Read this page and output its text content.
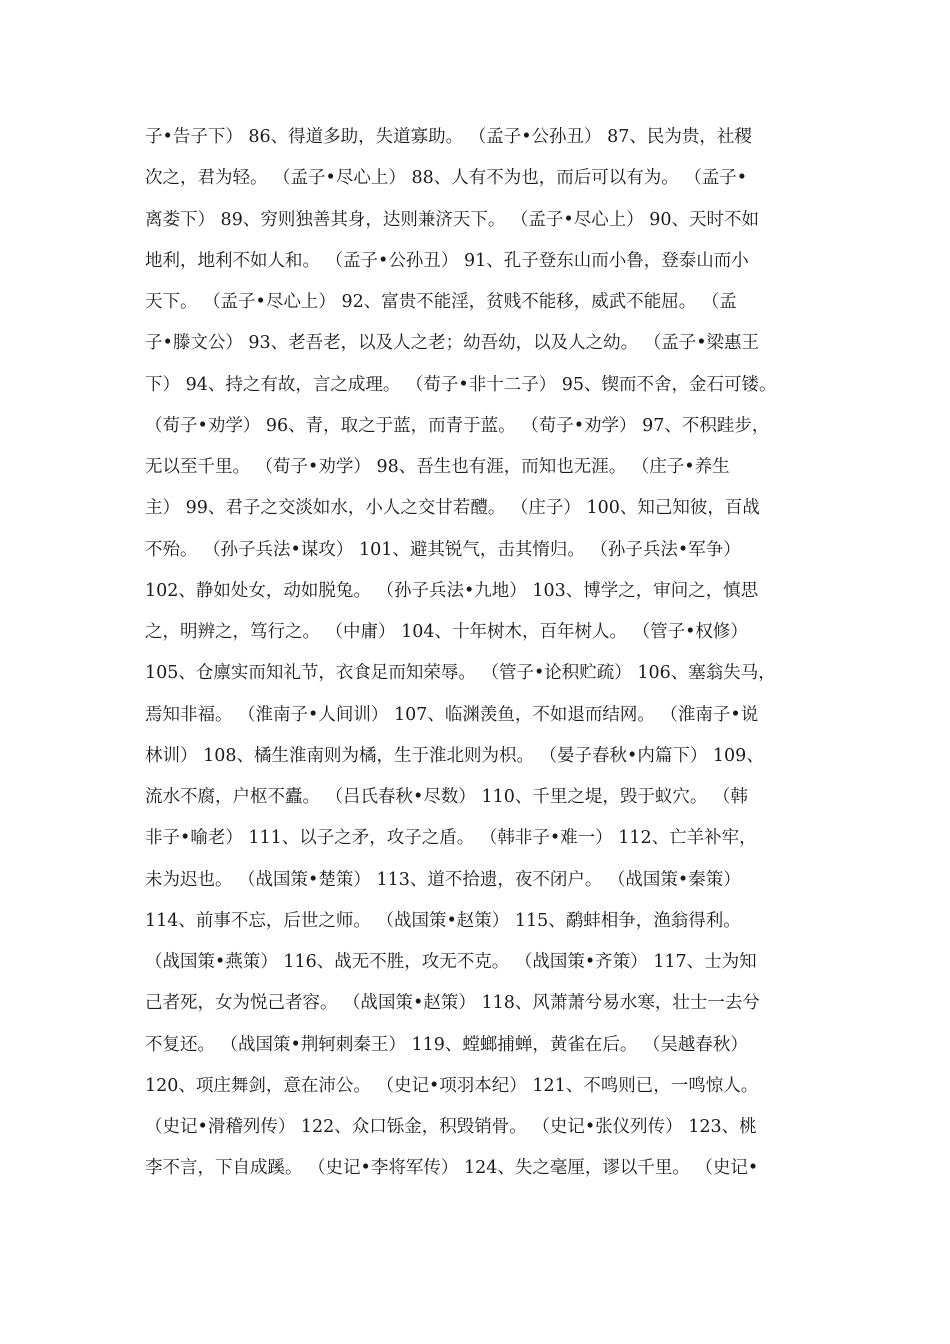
子•告子下） 86、得道多助，失道寡助。 （孟子•公孙丑） 87、民为贵，社稷
次之，君为轻。 （孟子•尽心上） 88、人有不为也，而后可以有为。 （孟子•
离娄下） 89、穷则独善其身，达则兼济天下。 （孟子•尽心上） 90、天时不如
地利，地利不如人和。 （孟子•公孙丑） 91、孔子登东山而小鲁，登泰山而小
天下。 （孟子•尽心上） 92、富贵不能淫，贫贱不能移，威武不能屈。 （孟
子•滕文公） 93、老吾老，以及人之老；幼吾幼，以及人之幼。 （孟子•梁惠王
下） 94、持之有故，言之成理。 （荀子•非十二子） 95、锲而不舍，金石可镂。
（荀子•劝学） 96、青，取之于蓝，而青于蓝。 （荀子•劝学） 97、不积跬步，
无以至千里。 （荀子•劝学） 98、吾生也有涯，而知也无涯。 （庄子•养生
主） 99、君子之交淡如水，小人之交甘若醴。 （庄子） 100、知己知彼，百战
不殆。 （孙子兵法•谋攻） 101、避其锐气，击其惰归。 （孙子兵法•军争）
102、静如处女，动如脱兔。 （孙子兵法•九地） 103、博学之，审问之，慎思
之，明辨之，笃行之。 （中庸） 104、十年树木，百年树人。 （管子•权修）
105、仓廪实而知礼节，衣食足而知荣辱。 （管子•论积贮疏） 106、塞翁失马，
焉知非福。 （淮南子•人间训） 107、临渊羡鱼，不如退而结网。 （淮南子•说
林训） 108、橘生淮南则为橘，生于淮北则为枳。 （晏子春秋•内篇下） 109、
流水不腐，户枢不蠹。 （吕氏春秋•尽数） 110、千里之堤，毁于蚁穴。 （韩
非子•喻老） 111、以子之矛，攻子之盾。 （韩非子•难一） 112、亡羊补牢，
未为迟也。 （战国策•楚策） 113、道不拾遗，夜不闭户。 （战国策•秦策）
114、前事不忘，后世之师。 （战国策•赵策） 115、鹬蚌相争，渔翁得利。
（战国策•燕策） 116、战无不胜，攻无不克。 （战国策•齐策） 117、士为知
己者死，女为悦己者容。 （战国策•赵策） 118、风萧萧兮易水寒，壮士一去兮
不复还。 （战国策•荆轲刺秦王） 119、螳螂捕蝉，黄雀在后。 （吴越春秋）
120、项庄舞剑，意在沛公。 （史记•项羽本纪） 121、不鸣则已，一鸣惊人。
（史记•滑稽列传） 122、众口铄金，积毁销骨。 （史记•张仪列传） 123、桃
李不言，下自成蹊。 （史记•李将军传） 124、失之毫厘，谬以千里。 （史记•
